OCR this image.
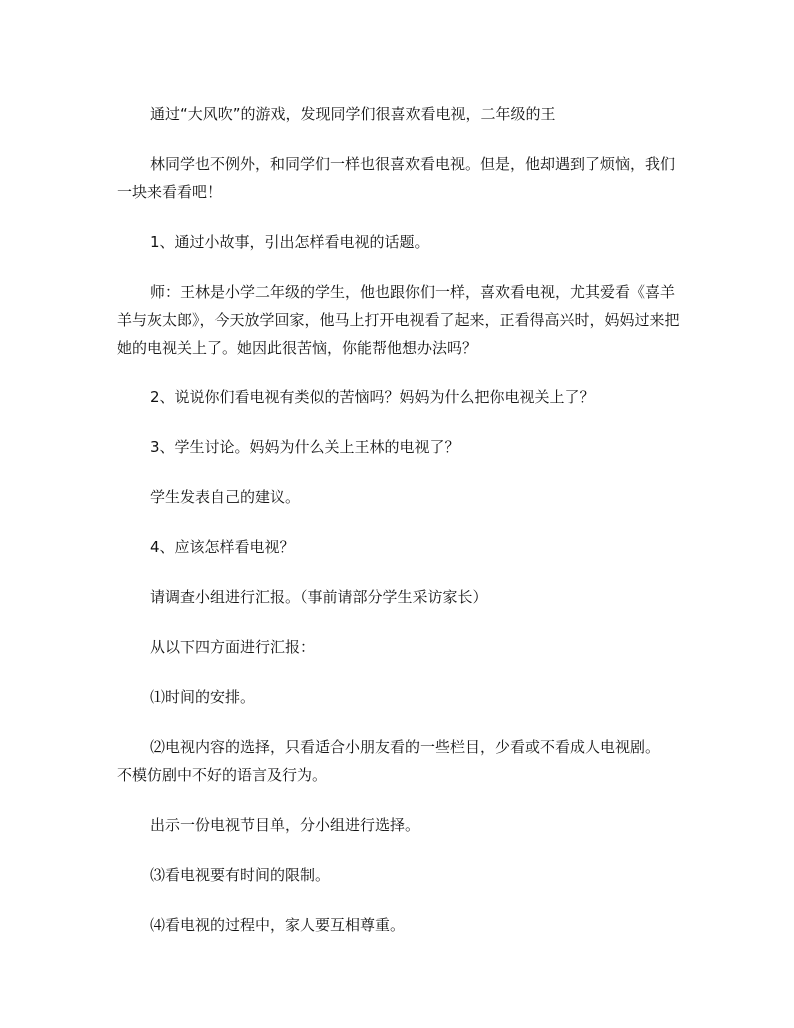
通过“大风吹”的游戏，发现同学们很喜欢看电视，二年级的王

林同学也不例外，和同学们一样也很喜欢看电视。但是，他却遇到了烦恼，我们
一块来看看吧！

1、通过小故事，引出怎样看电视的话题。

师：王林是小学二年级的学生，他也跟你们一样，喜欢看电视，尤其爱看《喜羊
羊与灰太郎》，今天放学回家，他马上打开电视看了起来，正看得高兴时，妈妈过来把
她的电视关上了。她因此很苦恼，你能帮他想办法吗？

2、说说你们看电视有类似的苦恼吗？妈妈为什么把你电视关上了？

3、学生讨论。妈妈为什么关上王林的电视了？

学生发表自己的建议。

4、应该怎样看电视？

请调查小组进行汇报。（事前请部分学生采访家长）

从以下四方面进行汇报：

⑴时间的安排。

⑵电视内容的选择，只看适合小朋友看的一些栏目，少看或不看成人电视剧。
不模仿剧中不好的语言及行为。

出示一份电视节目单，分小组进行选择。

⑶看电视要有时间的限制。

⑷看电视的过程中，家人要互相尊重。
